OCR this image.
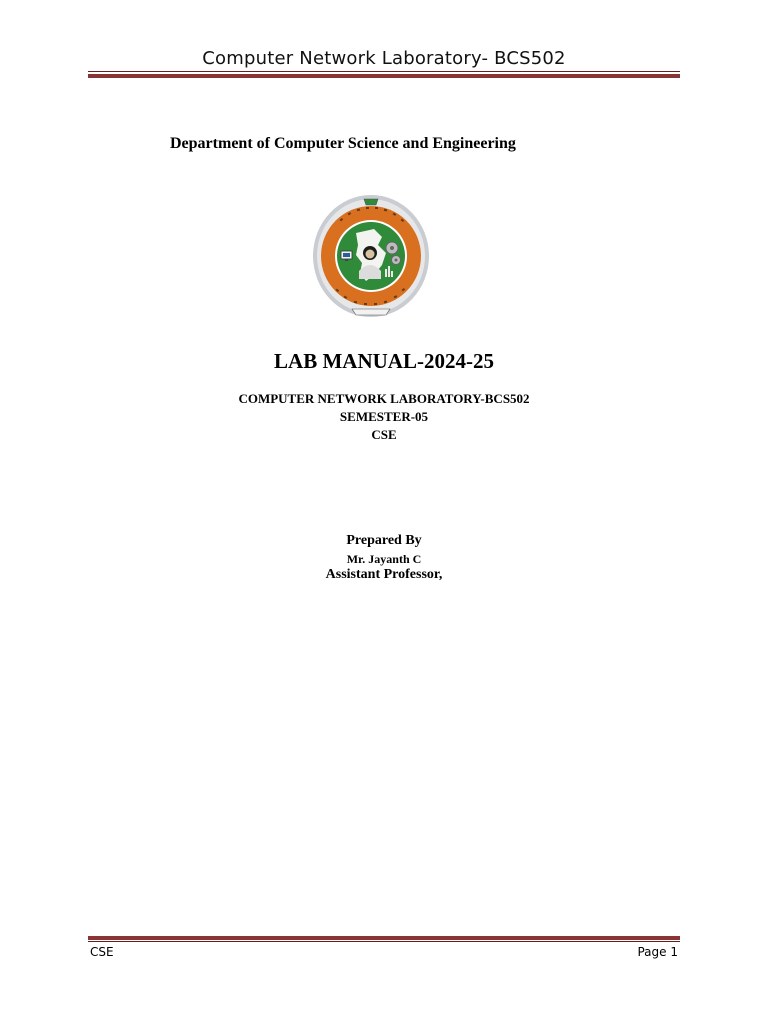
Computer Network Laboratory- BCS502
Department of Computer Science and Engineering
LAB MANUAL-2024-25
COMPUTER NETWORK LABORATORY-BCS502
SEMESTER-05
CSE
Prepared By
Mr. Jayanth C
Assistant Professor,
CSE	Page 1
